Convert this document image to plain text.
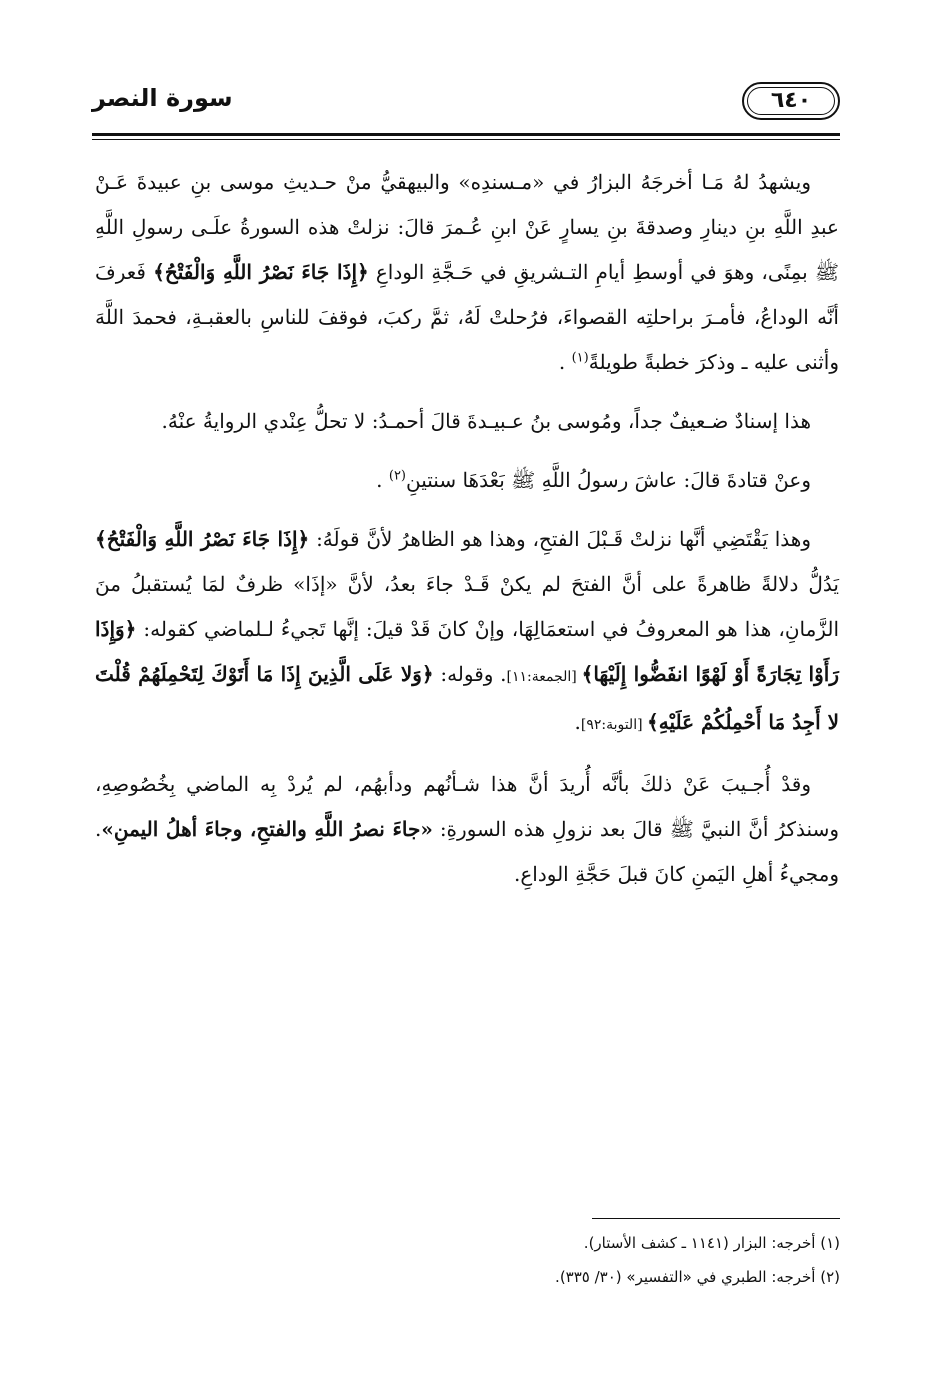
٦٤٠
سورة النصر

ويشهدُ لهُ مَـا أخرجَهُ البزارُ في «مـسندِه» والبيهقيُّ منْ حـديثِ موسى بنِ عبيدةَ عَـنْ عبدِ اللَّهِ بنِ دينارِ وصدقةَ بنِ يسارٍ عَنْ ابنِ عُـمرَ قالَ: نزلتْ هذه السورةُ علَـى رسولِ اللَّهِ ﷺ بمِنًى، وهوَ في أوسطِ أيامِ التـشريقِ في حَـجَّةِ الوداعِ ﴿إِذَا جَاءَ نَصْرُ اللَّهِ وَالْفَتْحُ﴾ فَعرفَ أنَّه الوداعُ، فأمـرَ براحلتِه القصواءَ، فرُحلتْ لَهُ، ثمَّ ركبَ، فوقفَ للناسِ بالعقبـةِ، فحمدَ اللَّهَ وأثنى عليه ـ وذكرَ خطبةً طويلةً$^{(١)}$ .

هذا إسنادٌ ضـعيفٌ جداً، ومُوسى بنُ عـبيـدةَ قالَ أحمـدُ: لا تحلُّ عِنْدي الروايةُ عنْهُ.

وعنْ قتادةَ قالَ: عاشَ رسولُ اللَّهِ ﷺ بَعْدَهَا سنتينِ$^{(٢)}$ .

وهذا يَقْتَضِي أنَّها نزلتْ قَـبْلَ الفتحِ، وهذا هو الظاهرُ لأنَّ قولَهُ: ﴿إِذَا جَاءَ نَصْرُ اللَّهِ وَالْفَتْحُ﴾ يَدُلُّ دلالةً ظاهرةً على أنَّ الفتحَ لم يكنْ قَـدْ جاءَ بعدُ، لأنَّ «إذَا» ظرفٌ لمَا يُستقبلُ منَ الزَّمانِ، هذا هو المعروفُ في استعمَالِهَا، وإنْ كانَ قَدْ قيلَ: إنَّها تَجيءُ لـلماضي كقوله: ﴿وَإِذَا رَأَوْا تِجَارَةً أَوْ لَهْوًا انفَضُّوا إِلَيْهَا﴾ [الجمعة:١١]. وقوله: ﴿وَلا عَلَى الَّذِينَ إِذَا مَا أَتَوْكَ لِتَحْمِلَهُمْ قُلْتَ لا أَجِدُ مَا أَحْمِلُكُمْ عَلَيْهِ﴾ [التوبة:٩٢].

وقدْ أُجـيبَ عَنْ ذلكَ بأنَّه أُريدَ أنَّ هذا شـأنُهم ودأبهُم، لم يُردْ بِه الماضي بِخُصُوصِهِ، وسنذكرُ أنَّ النبيَّ ﷺ قالَ بعد نزولِ هذه السورةِ: «جاءَ نصرُ اللَّهِ والفتحِ، وجاءَ أهلُ اليمنِ». ومجيءُ أهلِ اليَمنِ كانَ قبلَ حَجَّةِ الوداعِ.

(١) أخرجه: البزار (١١٤١ ـ كشف الأستار).
(٢) أخرجه: الطبري في «التفسير» (٣٠/ ٣٣٥).
